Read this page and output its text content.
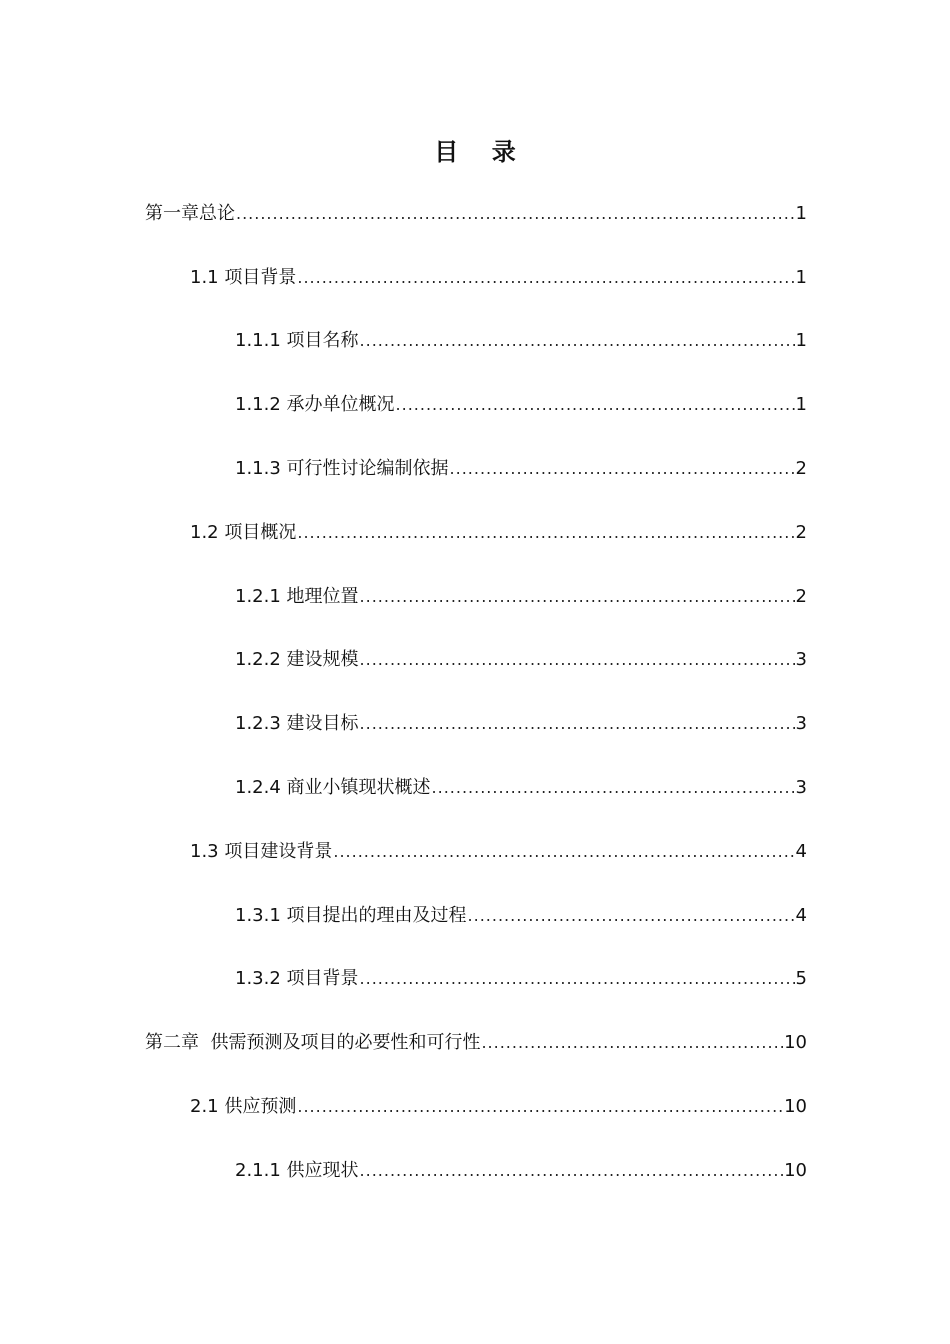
目    录
第一章总论 .....	1
1.1 项目背景 .....	1
1.1.1 项目名称 .....	1
1.1.2 承办单位概况 .....	1
1.1.3 可行性讨论编制依据 .....	2
1.2 项目概况 .....	2
1.2.1 地理位置 .....	2
1.2.2 建设规模 .....	3
1.2.3 建设目标 .....	3
1.2.4 商业小镇现状概述 .....	3
1.3 项目建设背景 .....	4
1.3.1 项目提出的理由及过程 .....	4
1.3.2 项目背景 .....	5
第二章  供需预测及项目的必要性和可行性 .....	10
2.1 供应预测 .....	10
2.1.1 供应现状 .....	10
